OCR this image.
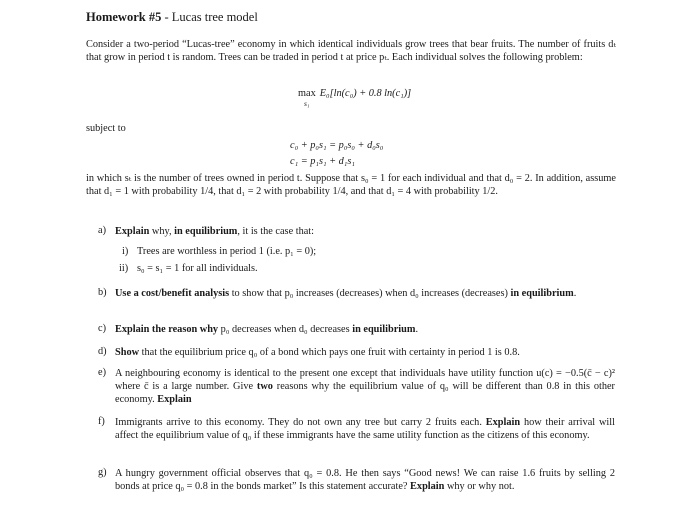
Homework #5 - Lucas tree model
Consider a two-period “Lucas-tree” economy in which identical individuals grow trees that bear fruits. The number of fruits dₜ that grow in period t is random. Trees can be traded in period t at price pₜ. Each individual solves the following problem:
max
s₁
E₀[ln(c₀) + 0.8 ln(c₁)]
subject to
c₀ + p₀s₁ = p₀s₀ + d₀s₀
c₁ = p₁s₁ + d₁s₁
in which sₜ is the number of trees owned in period t. Suppose that s₀ = 1 for each individual and that d₀ = 2. In addition, assume that d₁ = 1 with probability 1/4, that d₁ = 2 with probability 1/4, and that d₁ = 4 with probability 1/2.
a) Explain why, in equilibrium, it is the case that:
i) Trees are worthless in period 1 (i.e. p₁ = 0);
ii) s₀ = s₁ = 1 for all individuals.
b) Use a cost/benefit analysis to show that p₀ increases (decreases) when d₀ increases (decreases) in equilibrium.
c) Explain the reason why p₀ decreases when d₀ decreases in equilibrium.
d) Show that the equilibrium price q₀ of a bond which pays one fruit with certainty in period 1 is 0.8.
e) A neighbouring economy is identical to the present one except that individuals have utility function u(c) = −0.5(c̄ − c)² where c̄ is a large number. Give two reasons why the equilibrium value of q₀ will be different than 0.8 in this other economy. Explain
f) Immigrants arrive to this economy. They do not own any tree but carry 2 fruits each. Explain how their arrival will affect the equilibrium value of q₀ if these immigrants have the same utility function as the citizens of this economy.
g) A hungry government official observes that q₀ = 0.8. He then says “Good news! We can raise 1.6 fruits by selling 2 bonds at price q₀ = 0.8 in the bonds market” Is this statement accurate? Explain why or why not.
